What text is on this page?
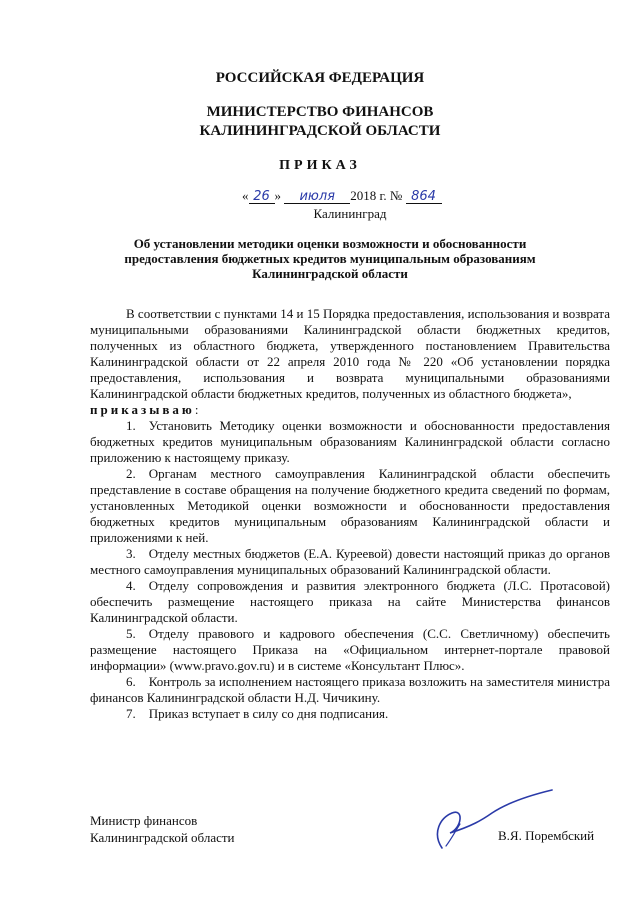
РОССИЙСКАЯ ФЕДЕРАЦИЯ
МИНИСТЕРСТВО ФИНАНСОВ
КАЛИНИНГРАДСКОЙ ОБЛАСТИ
ПРИКАЗ
« 26 » июля 2018 г. № 864
Калининград
Об установлении методики оценки возможности и обоснованности предоставления бюджетных кредитов муниципальным образованиям Калининградской области

В соответствии с пунктами 14 и 15 Порядка предоставления, использования и возврата муниципальными образованиями Калининградской области бюджетных кредитов, полученных из областного бюджета, утвержденного постановлением Правительства Калининградской области от 22 апреля 2010 года № 220 «Об установлении порядка предоставления, использования и возврата муниципальными образованиями Калининградской области бюджетных кредитов, полученных из областного бюджета»,
приказываю:

1. Установить Методику оценки возможности и обоснованности предоставления бюджетных кредитов муниципальным образованиям Калининградской области согласно приложению к настоящему приказу.

2. Органам местного самоуправления Калининградской области обеспечить представление в составе обращения на получение бюджетного кредита сведений по формам, установленных Методикой оценки возможности и обоснованности предоставления бюджетных кредитов муниципальным образованиям Калининградской области и приложениями к ней.

3. Отделу местных бюджетов (Е.А. Куреевой) довести настоящий приказ до органов местного самоуправления муниципальных образований Калининградской области.

4. Отделу сопровождения и развития электронного бюджета (Л.С. Протасовой) обеспечить размещение настоящего приказа на сайте Министерства финансов Калининградской области.

5. Отделу правового и кадрового обеспечения (С.С. Светличному) обеспечить размещение настоящего Приказа на «Официальном интернет-портале правовой информации» (www.pravo.gov.ru) и в системе «Консультант Плюс».

6. Контроль за исполнением настоящего приказа возложить на заместителя министра финансов Калининградской области Н.Д. Чичикину.

7. Приказ вступает в силу со дня подписания.

Министр финансов
Калининградской области	В.Я. Порембский
